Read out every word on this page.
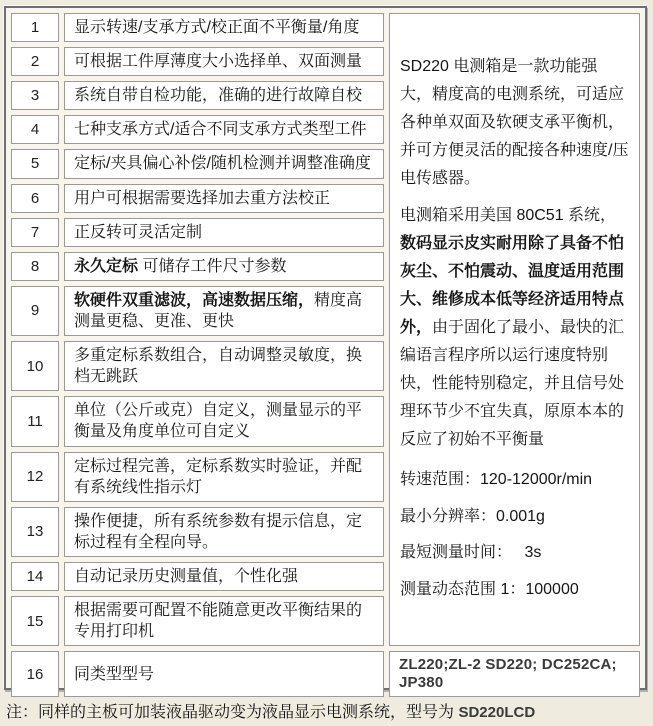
1	显示转速/支承方式/校正面不平衡量/角度	
SD220 电测箱是一款功能强大，精度高的电测系统，可适应各种单双面及软硬支承平衡机，并可方便灵活的配接各种速度/压电传感器。
电测箱采用美国 80C51 系统，数码显示皮实耐用除了具备不怕灰尘、不怕震动、温度适用范围大、维修成本低等经济适用特点外，由于固化了最小、最快的汇编语言程序所以运行速度特别快，性能特别稳定，并且信号处理环节少不宜失真，原原本本的反应了初始不平衡量
转速范围：120-12000r/min
最小分辨率：0.001g
最短测量时间：　 3s
测量动态范围 1：100000

2	可根据工件厚薄度大小选择单、双面测量	
3	系统自带自检功能，准确的进行故障自校	
4	七种支承方式/适合不同支承方式类型工件	
5	定标/夹具偏心补偿/随机检测并调整准确度	
6	用户可根据需要选择加去重方法校正	
7	正反转可灵活定制	
8	永久定标 可储存工件尺寸参数	
9	软硬件双重滤波，高速数据压缩，精度高测量更稳、更准、更快	
10	多重定标系数组合，自动调整灵敏度，换档无跳跃	
11	单位（公斤或克）自定义，测量显示的平衡量及角度单位可自定义	
12	定标过程完善，定标系数实时验证，并配有系统线性指示灯	
13	操作便捷，所有系统参数有提示信息，定标过程有全程向导。	
14	自动记录历史测量值，个性化强	
15	根据需要可配置不能随意更改平衡结果的专用打印机	
16	同类型型号	ZL220;ZL-2 SD220; DC252CA; JP380
注：同样的主板可加装液晶驱动变为液晶显示电测系统，型号为 SD220LCD
